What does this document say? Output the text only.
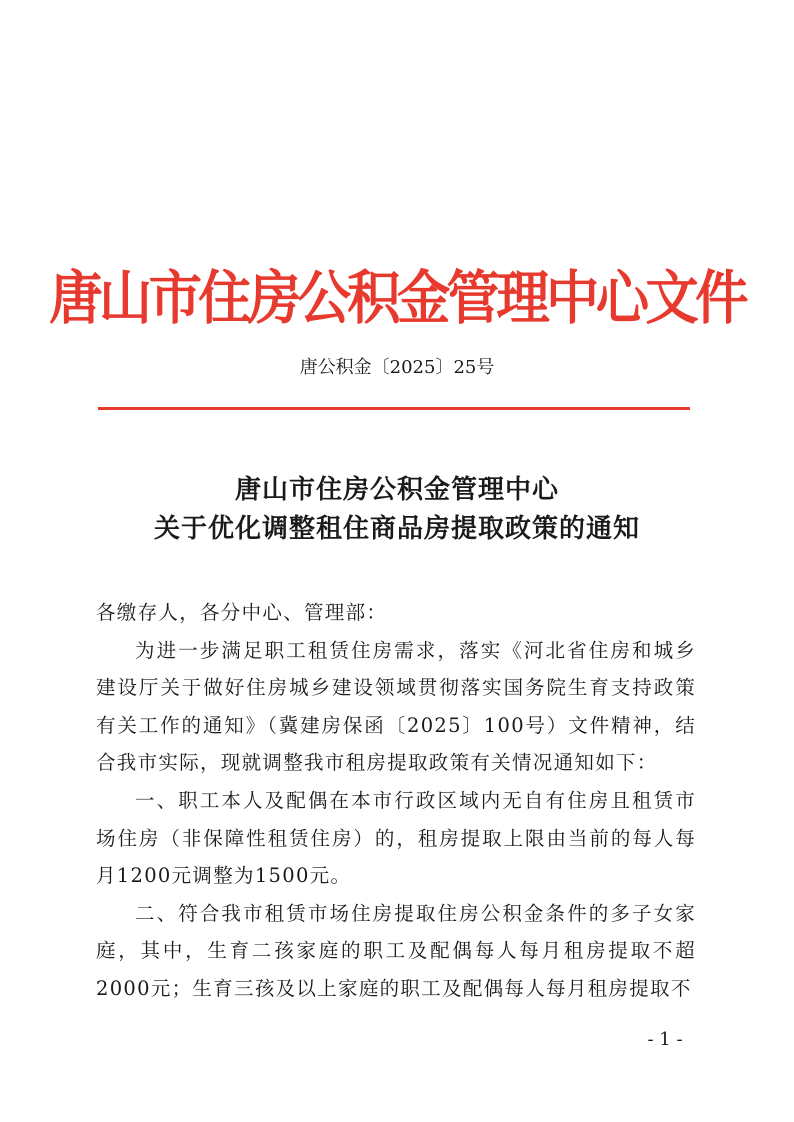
唐山市住房公积金管理中心文件
唐公积金〔2025〕25号
唐山市住房公积金管理中心
关于优化调整租住商品房提取政策的通知

各缴存人，各分中心、管理部：

为进一步满足职工租赁住房需求，落实《河北省住房和城乡建设厅关于做好住房城乡建设领域贯彻落实国务院生育支持政策有关工作的通知》（冀建房保函〔2025〕100号）文件精神，结合我市实际，现就调整我市租房提取政策有关情况通知如下：

一、职工本人及配偶在本市行政区域内无自有住房且租赁市场住房（非保障性租赁住房）的，租房提取上限由当前的每人每月1200元调整为1500元。

二、符合我市租赁市场住房提取住房公积金条件的多子女家庭，其中，生育二孩家庭的职工及配偶每人每月租房提取不超2000元；生育三孩及以上家庭的职工及配偶每人每月租房提取不

- 1 -
